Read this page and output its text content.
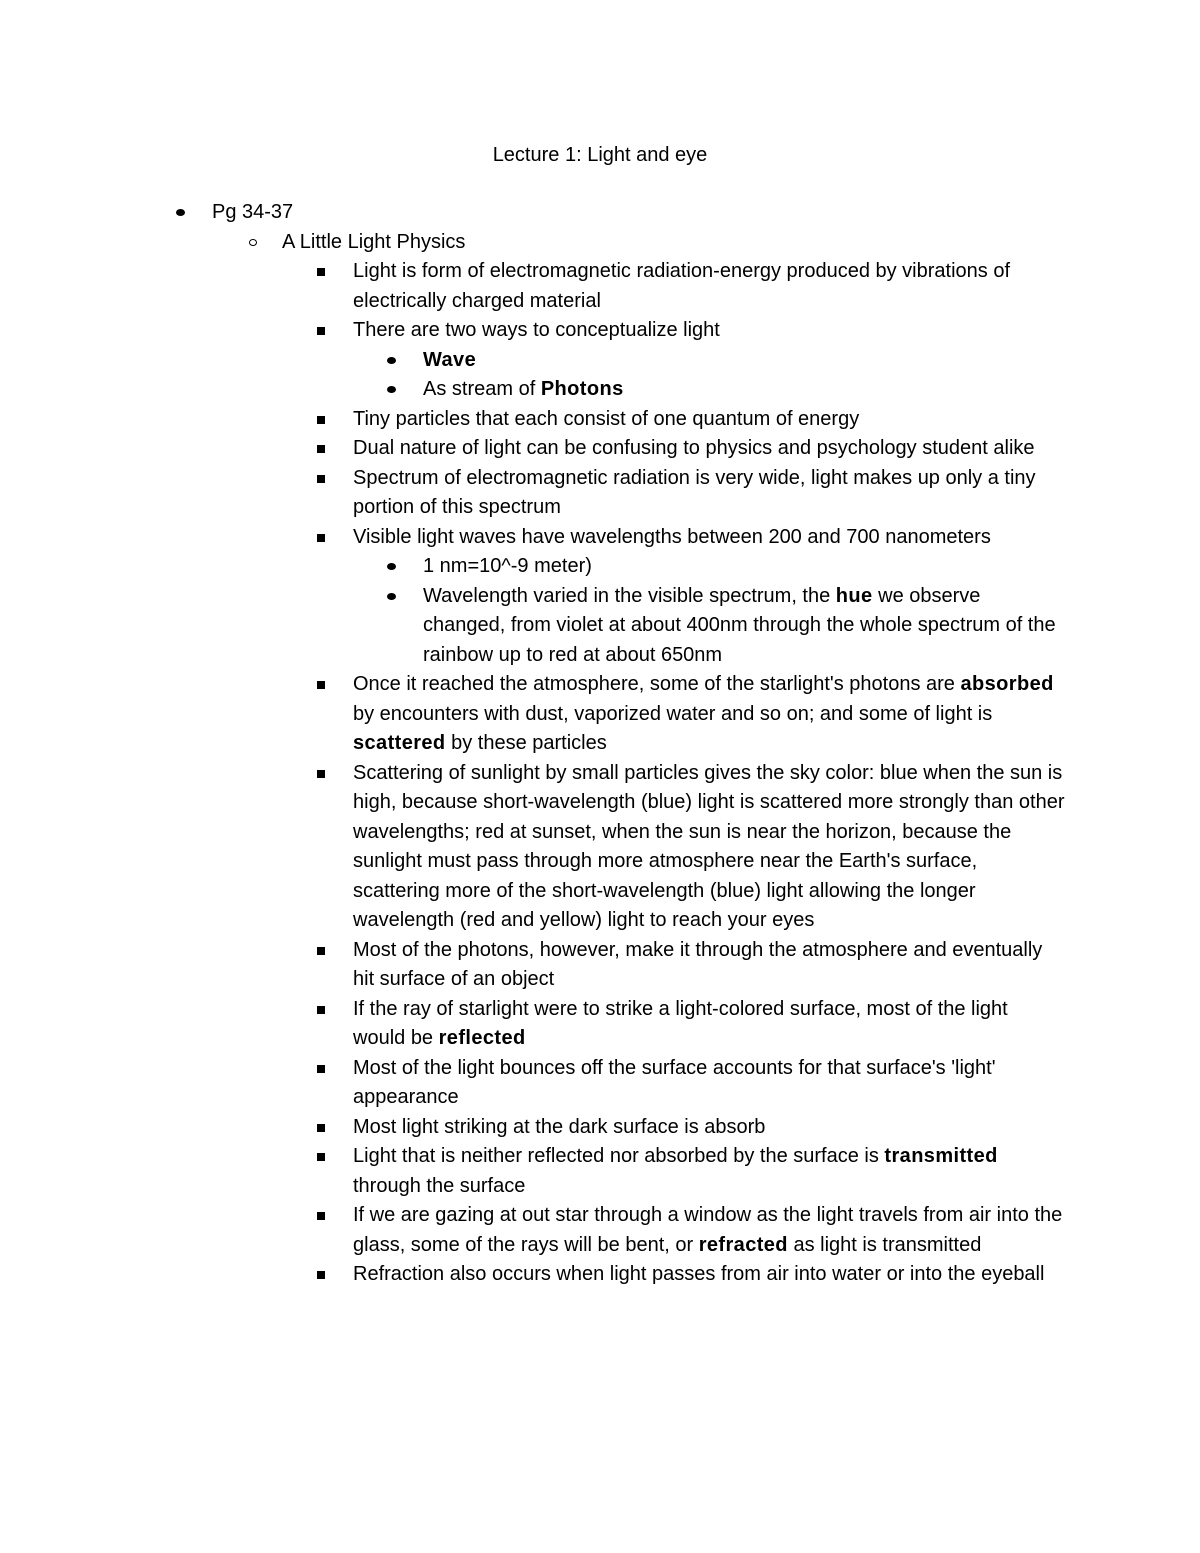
Lecture 1: Light and eye
Pg 34-37
A Little Light Physics
Light is form of electromagnetic radiation-energy produced by vibrations of electrically charged material
There are two ways to conceptualize light
Wave
As stream of Photons
Tiny particles that each consist of one quantum of energy
Dual nature of light can be confusing to physics and psychology student alike
Spectrum of electromagnetic radiation is very wide, light makes up only a tiny portion of this spectrum
Visible light waves have wavelengths between 200 and 700 nanometers
1 nm=10^-9 meter)
Wavelength varied in the visible spectrum, the hue we observe changed, from violet at about 400nm through the whole spectrum of the rainbow up to red at about 650nm
Once it reached the atmosphere, some of the starlight's photons are absorbed by encounters with dust, vaporized water and so on; and some of light is scattered by these particles
Scattering of sunlight by small particles gives the sky color: blue when the sun is high, because short-wavelength (blue) light is scattered more strongly than other wavelengths; red at sunset, when the sun is near the horizon, because the sunlight must pass through more atmosphere near the Earth's surface, scattering more of the short-wavelength (blue) light allowing the longer wavelength (red and yellow) light to reach your eyes
Most of the photons, however, make it through the atmosphere and eventually hit surface of an object
If the ray of starlight were to strike a light-colored surface, most of the light would be reflected
Most of the light bounces off the surface accounts for that surface's 'light' appearance
Most light striking at the dark surface is absorb
Light that is neither reflected nor absorbed by the surface is transmitted through the surface
If we are gazing at out star through a window as the light travels from air into the glass, some of the rays will be bent, or refracted as light is transmitted
Refraction also occurs when light passes from air into water or into the eyeball
